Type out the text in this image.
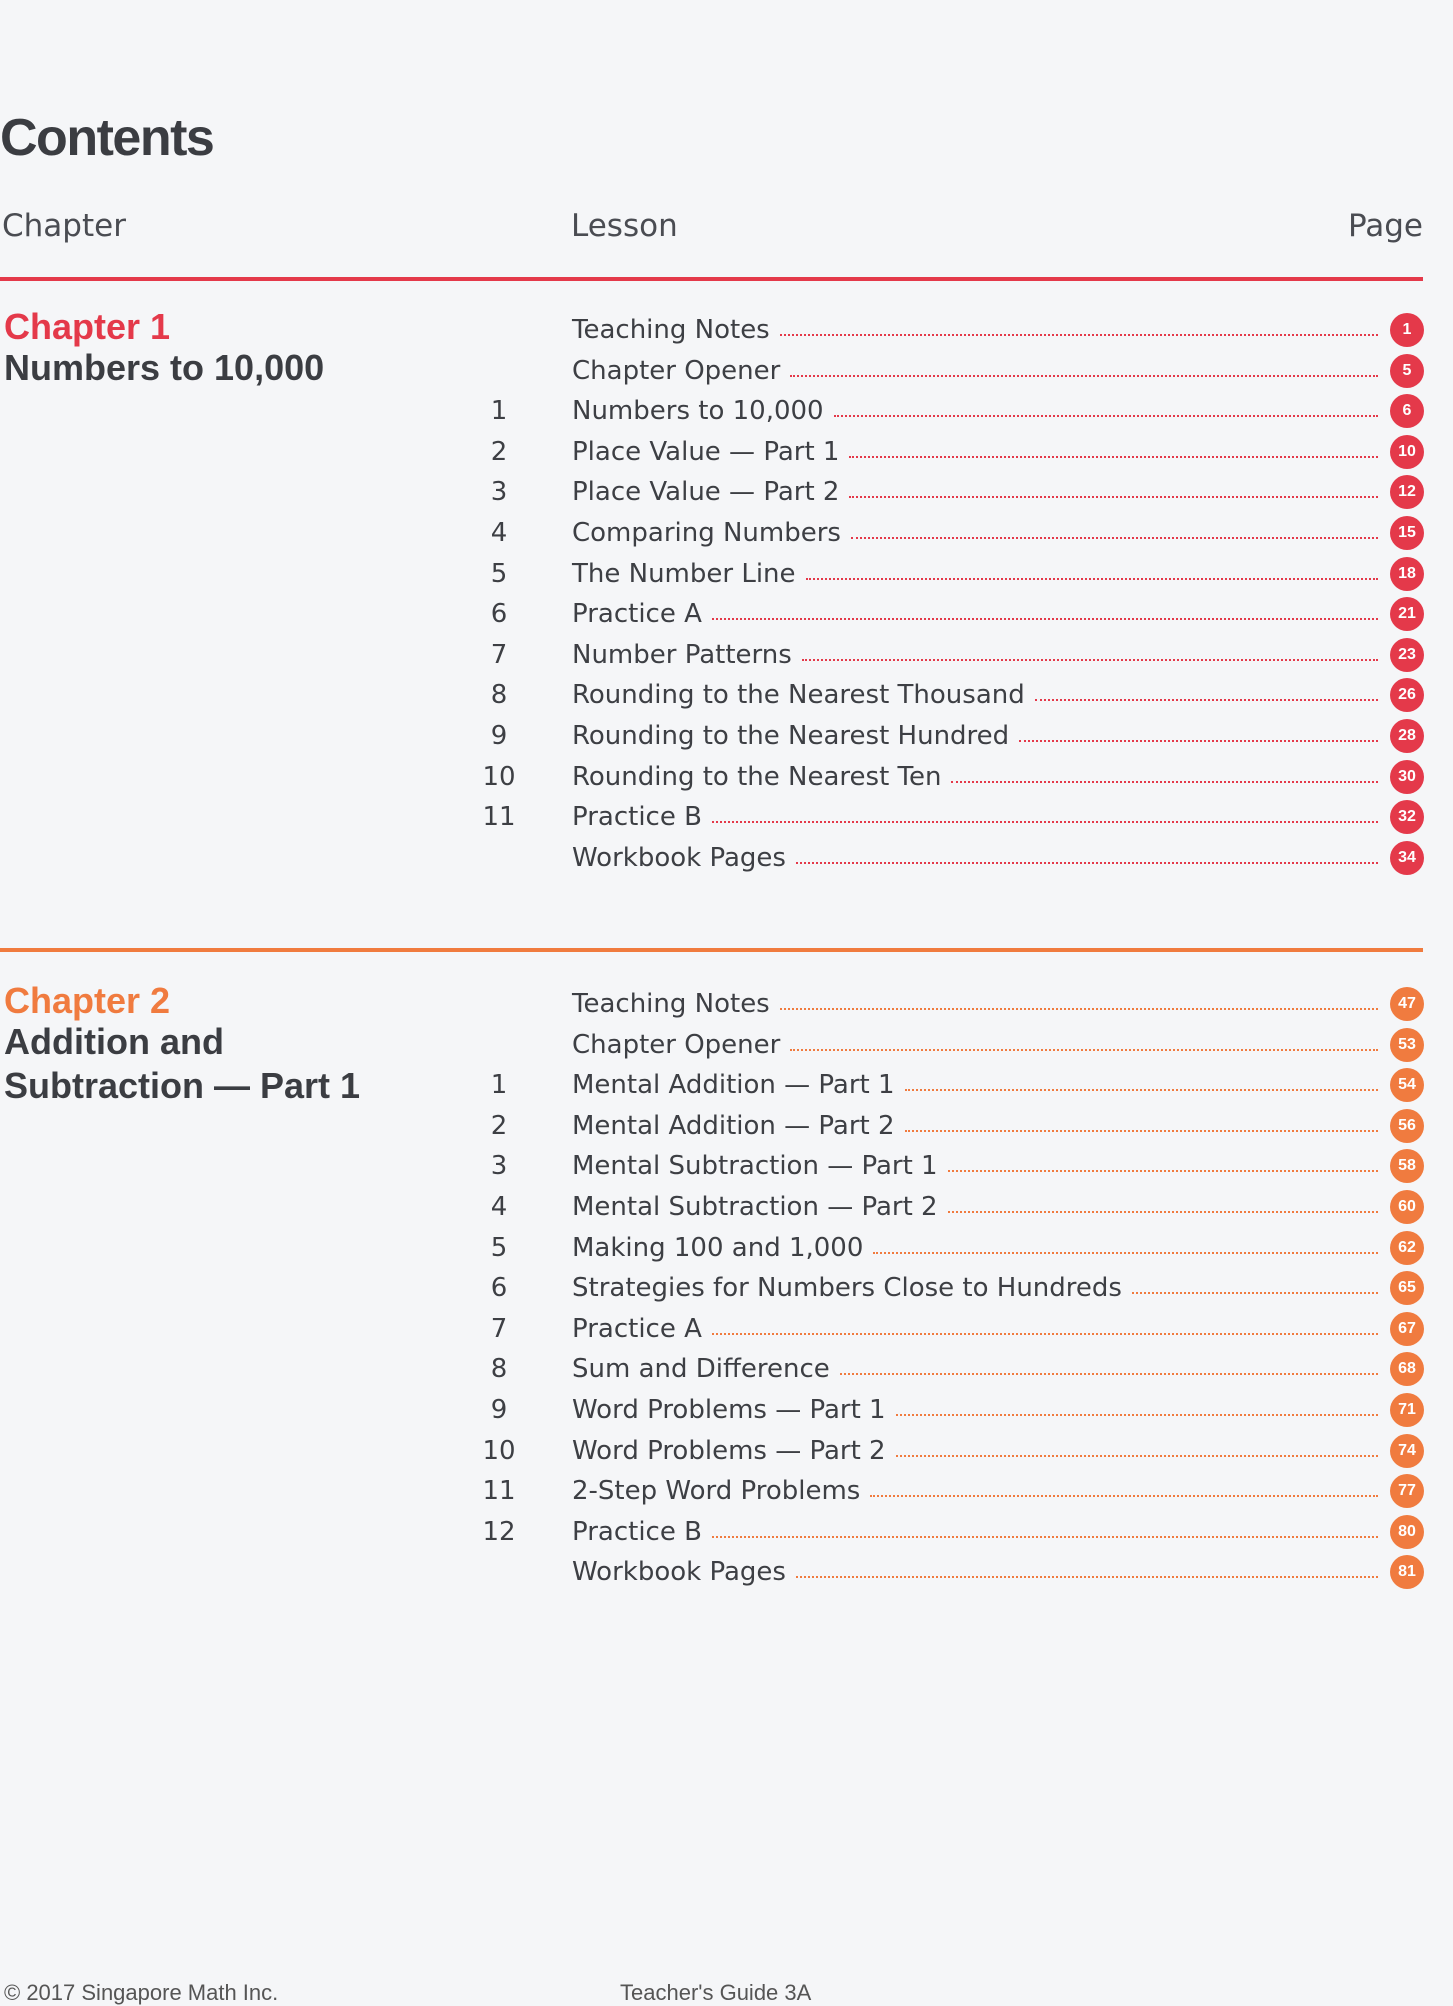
Contents
Chapter	Lesson	Page
Chapter 1
Numbers to 10,000
Teaching Notes	1
Chapter Opener	5
1	Numbers to 10,000	6
2	Place Value — Part 1	10
3	Place Value — Part 2	12
4	Comparing Numbers	15
5	The Number Line	18
6	Practice A	21
7	Number Patterns	23
8	Rounding to the Nearest Thousand	26
9	Rounding to the Nearest Hundred	28
10	Rounding to the Nearest Ten	30
11	Practice B	32
Workbook Pages	34
Chapter 2
Addition and Subtraction — Part 1
Teaching Notes	47
Chapter Opener	53
1	Mental Addition — Part 1	54
2	Mental Addition — Part 2	56
3	Mental Subtraction — Part 1	58
4	Mental Subtraction — Part 2	60
5	Making 100 and 1,000	62
6	Strategies for Numbers Close to Hundreds	65
7	Practice A	67
8	Sum and Difference	68
9	Word Problems — Part 1	71
10	Word Problems — Part 2	74
11	2-Step Word Problems	77
12	Practice B	80
Workbook Pages	81
© 2017 Singapore Math Inc.	Teacher's Guide 3A
